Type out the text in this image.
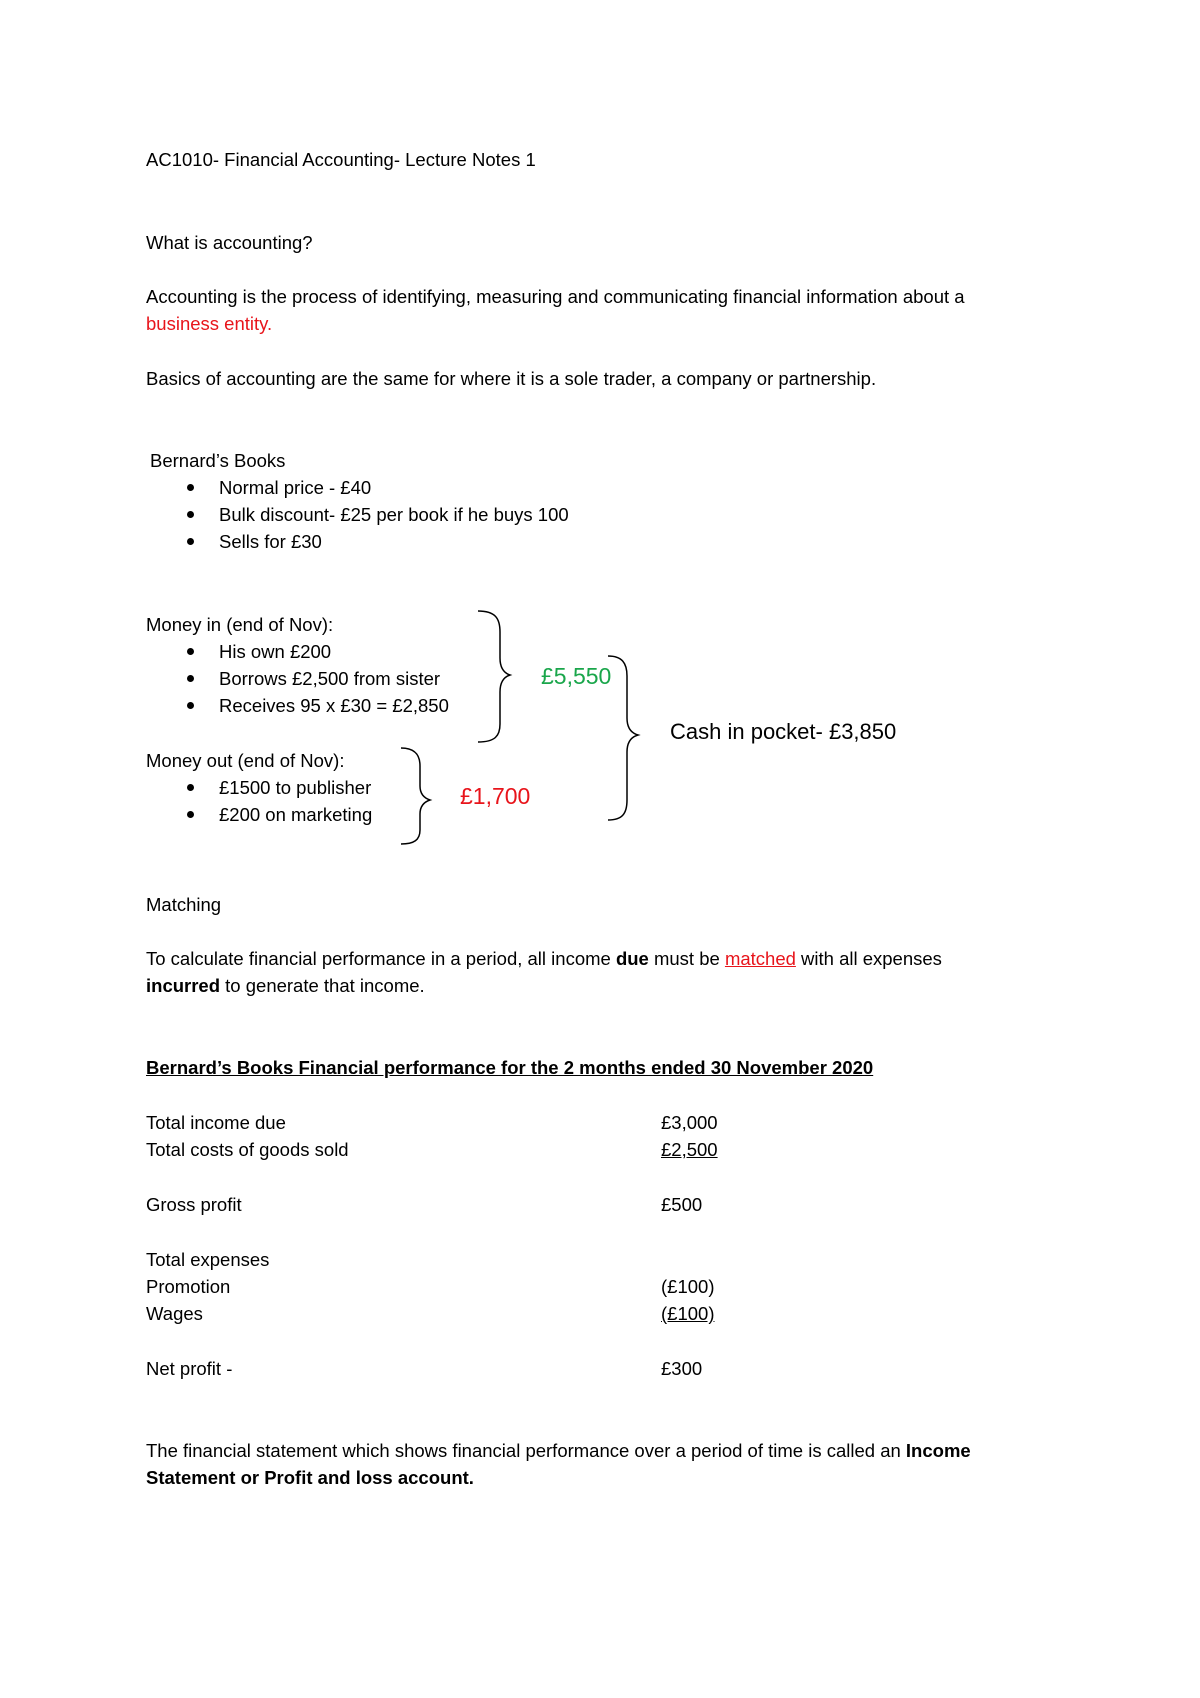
AC1010- Financial Accounting- Lecture Notes 1
What is accounting?
Accounting is the process of identifying, measuring and communicating financial information about a
business entity.
Basics of accounting are the same for where it is a sole trader, a company or partnership.
Bernard’s Books
Normal price - £40
Bulk discount- £25 per book if he buys 100
Sells for £30
Money in (end of Nov):
His own £200
Borrows £2,500 from sister
Receives 95 x £30 = £2,850
Money out (end of Nov):
£1500 to publisher
£200 on marketing
£5,550
£1,700
Cash in pocket- £3,850
Matching
To calculate financial performance in a period, all income due must be matched with all expenses
incurred to generate that income.
Bernard’s Books Financial performance for the 2 months ended 30 November 2020
Total income due	£3,000
Total costs of goods sold	£2,500
Gross profit	£500
Total expenses
Promotion	(£100)
Wages	(£100)
Net profit -	£300
The financial statement which shows financial performance over a period of time is called an Income
Statement or Profit and loss account.
